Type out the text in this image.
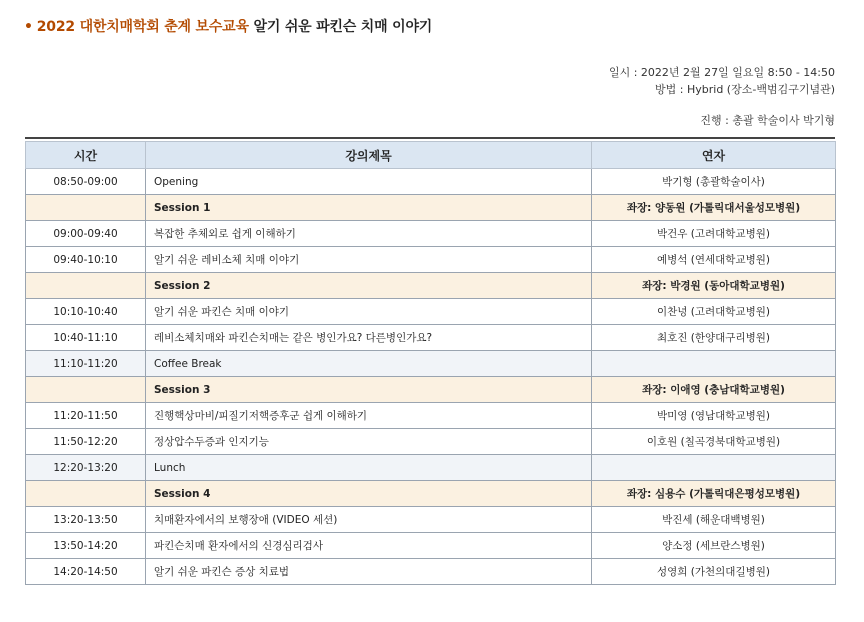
• 2022 대한치매학회 춘계 보수교육 알기 쉬운 파킨슨 치매 이야기
일시 : 2022년 2월 27일 일요일 8:50 - 14:50
방법 : Hybrid (장소-백범김구기념관)
진행 : 총괄 학술이사 박기형
시간	강의제목	연자
08:50-09:00	Opening	박기형 (총괄학술이사)
	Session 1	좌장: 양동원 (가톨릭대서울성모병원)
09:00-09:40	복잡한 추체외로 쉽게 이해하기	박건우 (고려대학교병원)
09:40-10:10	알기 쉬운 레비소체 치매 이야기	예병석 (연세대학교병원)
	Session 2	좌장: 박경원 (동아대학교병원)
10:10-10:40	알기 쉬운 파킨슨 치매 이야기	이찬녕 (고려대학교병원)
10:40-11:10	레비소체치매와 파킨슨치매는 같은 병인가요? 다른병인가요?	최호진 (한양대구리병원)
11:10-11:20	Coffee Break	
	Session 3	좌장: 이애영 (충남대학교병원)
11:20-11:50	진행핵상마비/피질기저핵증후군 쉽게 이해하기	박미영 (영남대학교병원)
11:50-12:20	정상압수두증과 인지기능	이호원 (칠곡경북대학교병원)
12:20-13:20	Lunch	
	Session 4	좌장: 심용수 (가톨릭대은평성모병원)
13:20-13:50	치매환자에서의 보행장애 (VIDEO 세션)	박진세 (해운대백병원)
13:50-14:20	파킨슨치매 환자에서의 신경심리검사	양소정 (세브란스병원)
14:20-14:50	알기 쉬운 파킨슨 증상 치료법	성영희 (가천의대길병원)
